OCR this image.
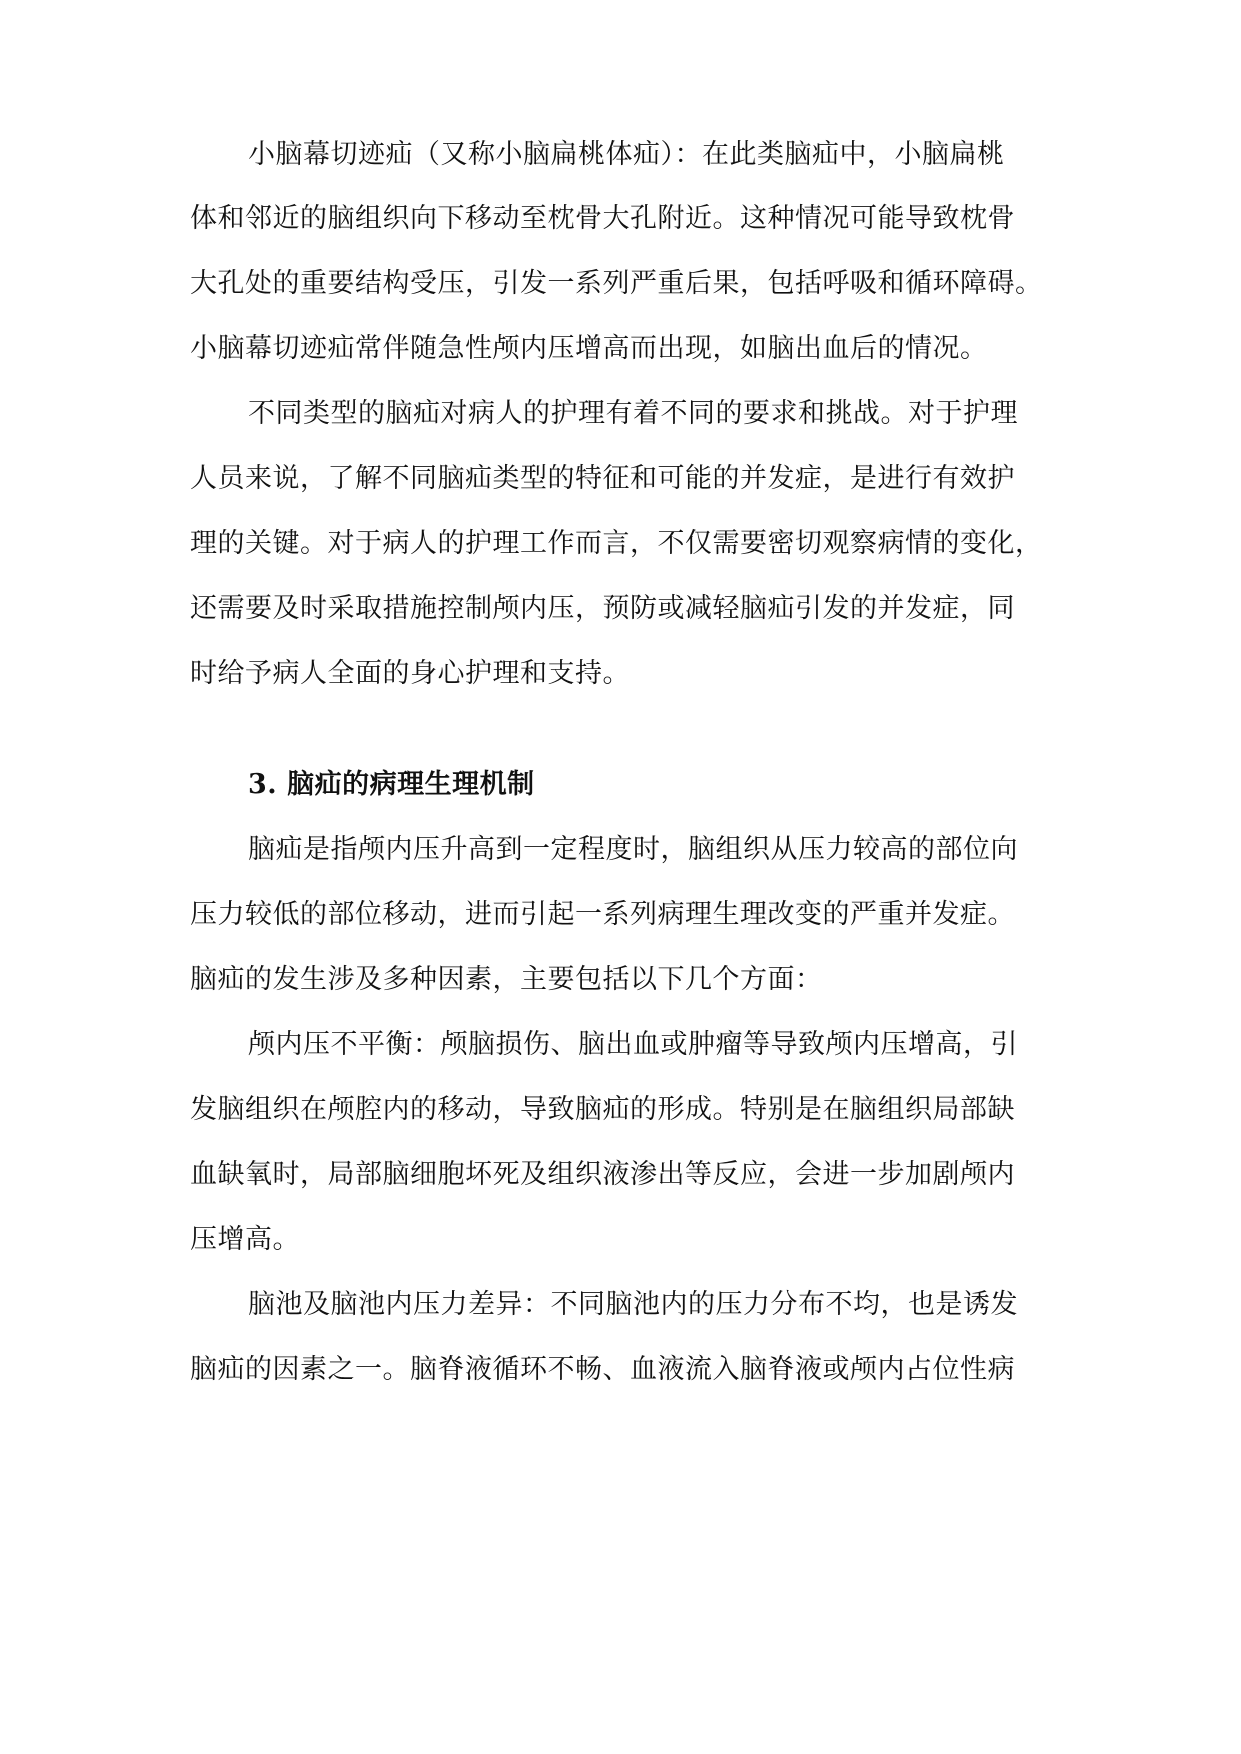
小脑幕切迹疝（又称小脑扁桃体疝）：在此类脑疝中，小脑扁桃
体和邻近的脑组织向下移动至枕骨大孔附近。这种情况可能导致枕骨
大孔处的重要结构受压，引发一系列严重后果，包括呼吸和循环障碍。
小脑幕切迹疝常伴随急性颅内压增高而出现，如脑出血后的情况。
不同类型的脑疝对病人的护理有着不同的要求和挑战。对于护理
人员来说，了解不同脑疝类型的特征和可能的并发症，是进行有效护
理的关键。对于病人的护理工作而言，不仅需要密切观察病情的变化，
还需要及时采取措施控制颅内压，预防或减轻脑疝引发的并发症，同
时给予病人全面的身心护理和支持。
3. 脑疝的病理生理机制
脑疝是指颅内压升高到一定程度时，脑组织从压力较高的部位向
压力较低的部位移动，进而引起一系列病理生理改变的严重并发症。
脑疝的发生涉及多种因素，主要包括以下几个方面：
颅内压不平衡：颅脑损伤、脑出血或肿瘤等导致颅内压增高，引
发脑组织在颅腔内的移动，导致脑疝的形成。特别是在脑组织局部缺
血缺氧时，局部脑细胞坏死及组织液渗出等反应，会进一步加剧颅内
压增高。
脑池及脑池内压力差异：不同脑池内的压力分布不均，也是诱发
脑疝的因素之一。脑脊液循环不畅、血液流入脑脊液或颅内占位性病
